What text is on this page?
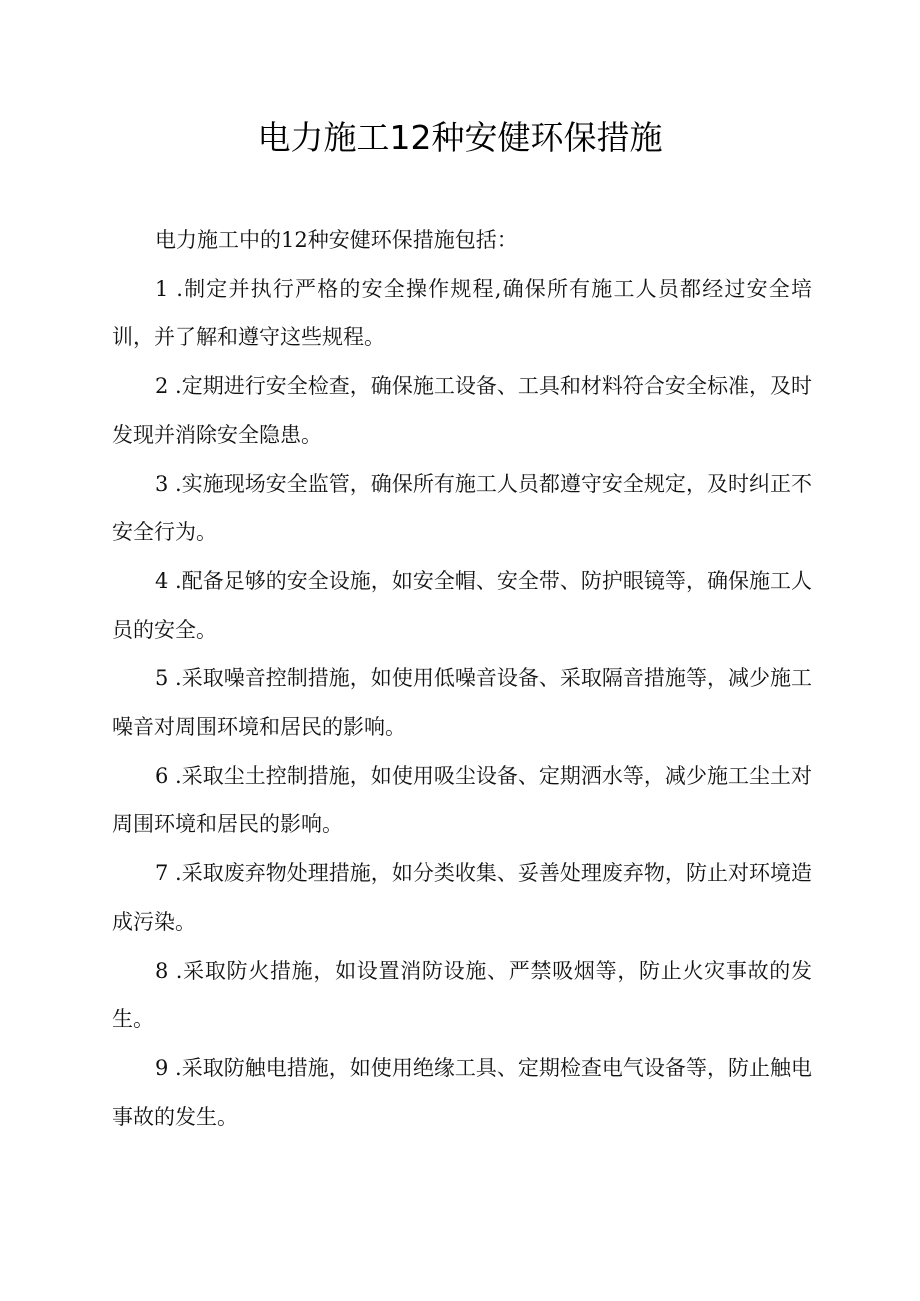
电力施工12种安健环保措施

电力施工中的12种安健环保措施包括：

1 .制定并执行严格的安全操作规程,确保所有施工人员都经过安全培训，并了解和遵守这些规程。

2 .定期进行安全检查，确保施工设备、工具和材料符合安全标准，及时发现并消除安全隐患。

3 .实施现场安全监管，确保所有施工人员都遵守安全规定，及时纠正不安全行为。

4 .配备足够的安全设施，如安全帽、安全带、防护眼镜等，确保施工人员的安全。

5 .采取噪音控制措施，如使用低噪音设备、采取隔音措施等，减少施工噪音对周围环境和居民的影响。

6 .采取尘土控制措施，如使用吸尘设备、定期洒水等，减少施工尘土对周围环境和居民的影响。

7 .采取废弃物处理措施，如分类收集、妥善处理废弃物，防止对环境造成污染。

8 .采取防火措施，如设置消防设施、严禁吸烟等，防止火灾事故的发生。

9 .采取防触电措施，如使用绝缘工具、定期检查电气设备等，防止触电事故的发生。
